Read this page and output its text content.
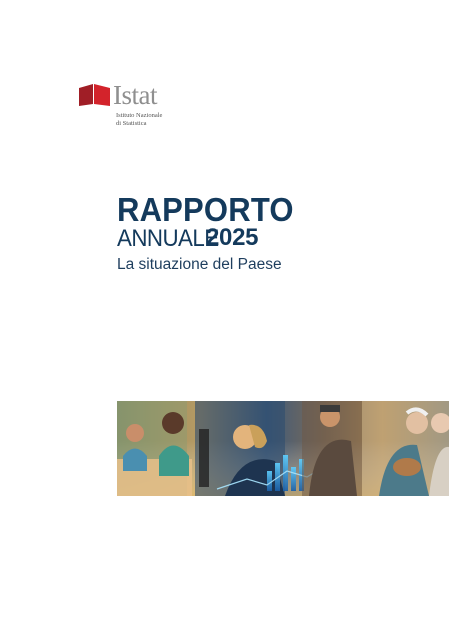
Istat
Istituto Nazionale
di Statistica
RAPPORTO
ANNUALE
2025
La situazione del Paese
